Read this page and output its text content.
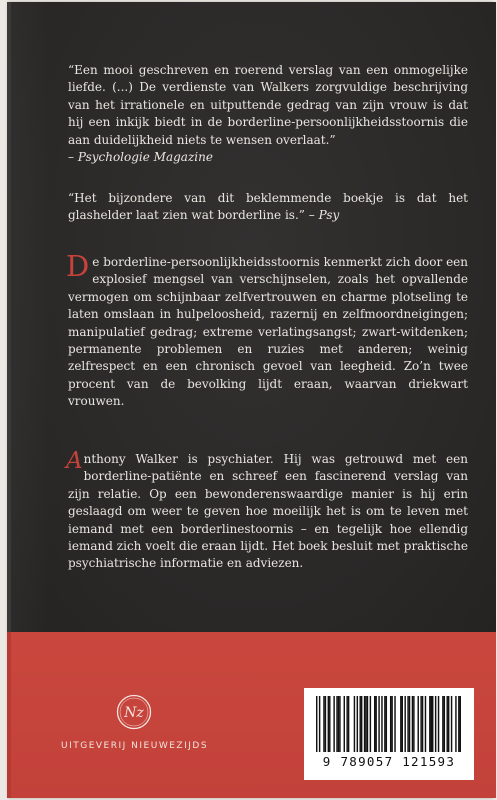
“Een mooi geschreven en roerend verslag van een onmogelijke liefde. (...) De verdienste van Walkers zorgvuldige beschrijving van het irrationele en uitputtende gedrag van zijn vrouw is dat hij een inkijk biedt in de borderline-persoonlijkheidsstoornis die aan duidelijkheid niets te wensen overlaat.”
– Psychologie Magazine

“Het bijzondere van dit beklemmende boekje is dat het glashelder laat zien wat borderline is.” – Psy

De borderline-persoonlijkheidsstoornis kenmerkt zich door een explosief mengsel van verschijnselen, zoals het opvallende vermogen om schijnbaar zelfvertrouwen en charme plotseling te laten omslaan in hulpeloosheid, razernij en zelfmoordneigingen; manipulatief gedrag; extreme verlatingsangst; zwart-witdenken; permanente problemen en ruzies met anderen; weinig zelfrespect en een chronisch gevoel van leegheid. Zo’n twee procent van de bevolking lijdt eraan, waarvan driekwart vrouwen.

Anthony Walker is psychiater. Hij was getrouwd met een borderline-patiënte en schreef een fascinerend verslag van zijn relatie. Op een bewonderenswaardige manier is hij erin geslaagd om weer te geven hoe moeilijk het is om te leven met iemand met een borderlinestoornis – en tegelijk hoe ellendig iemand zich voelt die eraan lijdt. Het boek besluit met praktische psychiatrische informatie en adviezen.

Nz
UITGEVERIJ NIEUWEZIJDS
9 789057 121593
